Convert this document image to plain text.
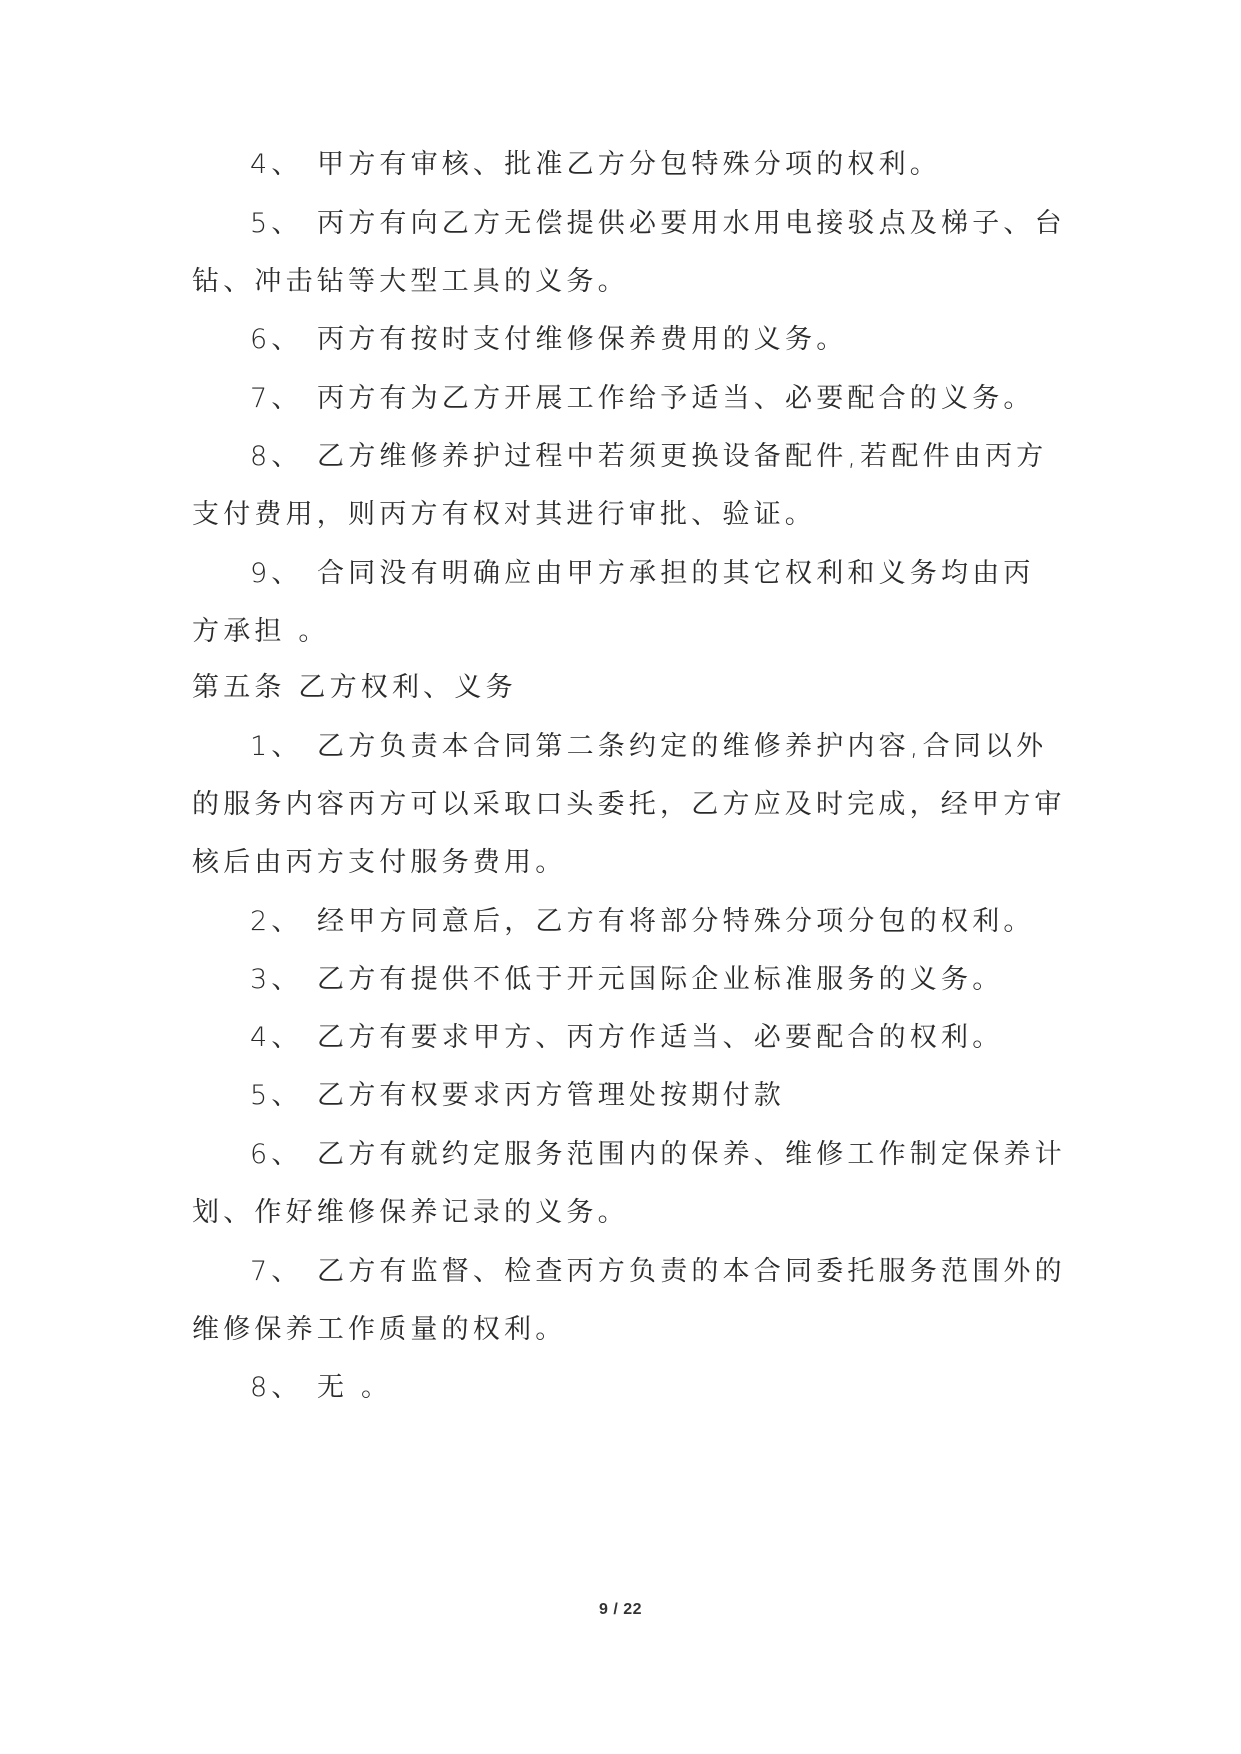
4、 甲方有审核、批准乙方分包特殊分项的权利。
5、 丙方有向乙方无偿提供必要用水用电接驳点及梯子、台
钻、冲击钻等大型工具的义务。
6、 丙方有按时支付维修保养费用的义务。
7、 丙方有为乙方开展工作给予适当、必要配合的义务。
8、 乙方维修养护过程中若须更换设备配件,若配件由丙方
支付费用，则丙方有权对其进行审批、验证。
9、 合同没有明确应由甲方承担的其它权利和义务均由丙
方承担 。
第五条 乙方权利、义务
1、 乙方负责本合同第二条约定的维修养护内容,合同以外
的服务内容丙方可以采取口头委托，乙方应及时完成，经甲方审
核后由丙方支付服务费用。
2、 经甲方同意后，乙方有将部分特殊分项分包的权利。
3、 乙方有提供不低于开元国际企业标准服务的义务。
4、 乙方有要求甲方、丙方作适当、必要配合的权利。
5、 乙方有权要求丙方管理处按期付款
6、 乙方有就约定服务范围内的保养、维修工作制定保养计
划、作好维修保养记录的义务。
7、 乙方有监督、检查丙方负责的本合同委托服务范围外的
维修保养工作质量的权利。
8、 无 。
9 / 22
